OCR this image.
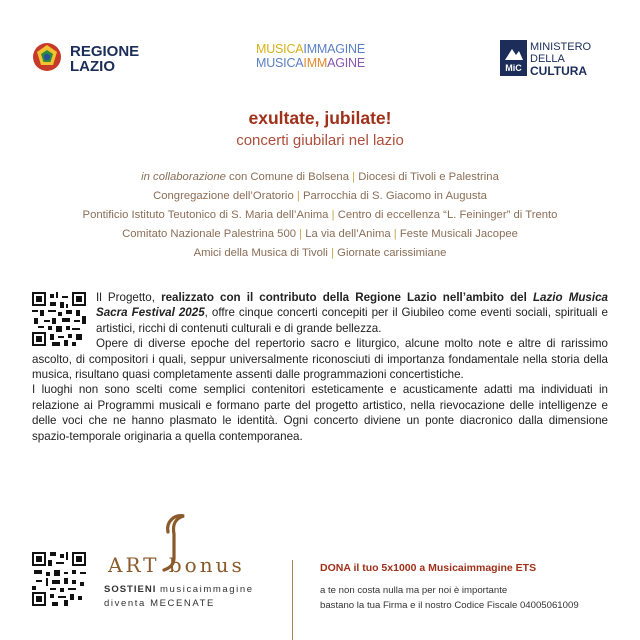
REGIONE
LAZIO
MUSICAIMMAGINE
MUSICAIMMAGINE	MiC
MINISTERO
DELLA
CULTURA
exultate, jubilate!
concerti giubilari nel lazio
in collaborazione con Comune di Bolsena | Diocesi di Tivoli e Palestrina
Congregazione dell’Oratorio | Parrocchia di S. Giacomo in Augusta
Pontificio Istituto Teutonico di S. Maria dell’Anima | Centro di eccellenza “L. Feininger” di Trento
Comitato Nazionale Palestrina 500 | La via dell’Anima | Feste Musicali Jacopee
Amici della Musica di Tivoli | Giornate carissimiane
Il Progetto, realizzato con il contributo della Regione Lazio nell’ambito del Lazio Musica Sacra Festival 2025, offre cinque concerti concepiti per il Giubileo come eventi sociali, spirituali e artistici, ricchi di contenuti culturali e di grande bellezza.
Opere di diverse epoche del repertorio sacro e liturgico, alcune molto note e altre di rarissimo ascolto, di compositori i quali, seppur universalmente riconosciuti di importanza fondamentale nella storia della musica, risultano quasi completamente assenti dalle programmazioni concertistiche.
I luoghi non sono scelti come semplici contenitori esteticamente e acusticamente adatti ma individuati in relazione ai Programmi musicali e formano parte del progetto artistico, nella rievocazione delle intelligenze e delle voci che ne hanno plasmato le identità. Ogni concerto diviene un ponte diacronico dalla dimensione spazio-temporale originaria a quella contemporanea.
ART bonus
SOSTIENI musicaimmagine
diventa MECENATE
DONA il tuo 5x1000 a Musicaimmagine ETS
a te non costa nulla ma per noi è importante
bastano la tua Firma e il nostro Codice Fiscale 04005061009
